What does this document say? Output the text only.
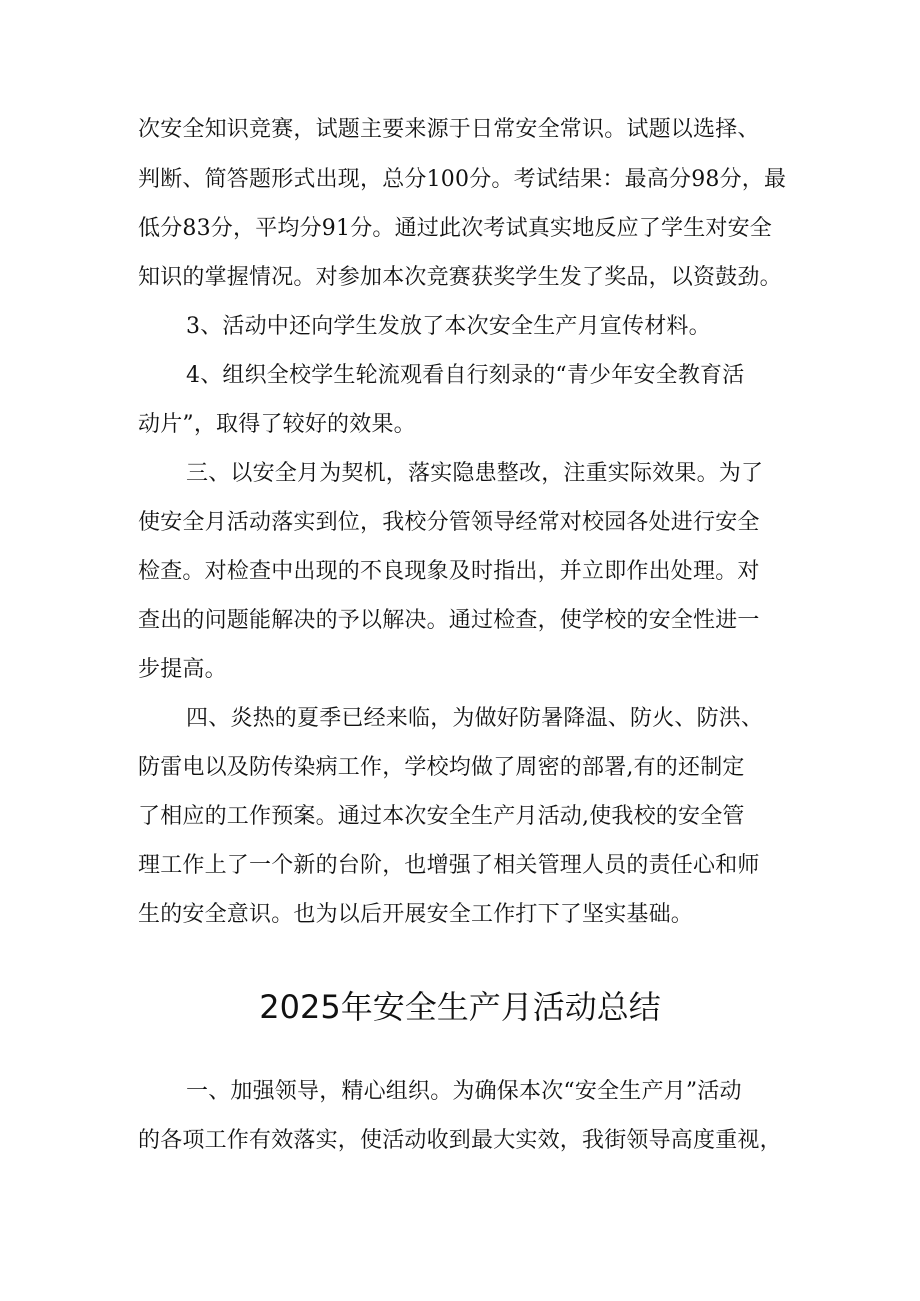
次安全知识竞赛，试题主要来源于日常安全常识。试题以选择、
判断、简答题形式出现，总分100分。考试结果：最高分98分，最
低分83分，平均分91分。通过此次考试真实地反应了学生对安全
知识的掌握情况。对参加本次竞赛获奖学生发了奖品，以资鼓劲。
3、活动中还向学生发放了本次安全生产月宣传材料。
4、组织全校学生轮流观看自行刻录的“青少年安全教育活
动片”，取得了较好的效果。
三、以安全月为契机，落实隐患整改，注重实际效果。为了
使安全月活动落实到位，我校分管领导经常对校园各处进行安全
检查。对检查中出现的不良现象及时指出，并立即作出处理。对
查出的问题能解决的予以解决。通过检查，使学校的安全性进一
步提高。
四、炎热的夏季已经来临，为做好防暑降温、防火、防洪、
防雷电以及防传染病工作，学校均做了周密的部署,有的还制定
了相应的工作预案。通过本次安全生产月活动,使我校的安全管
理工作上了一个新的台阶，也增强了相关管理人员的责任心和师
生的安全意识。也为以后开展安全工作打下了坚实基础。
2025年安全生产月活动总结
一、加强领导，精心组织。为确保本次“安全生产月”活动
的各项工作有效落实，使活动收到最大实效，我街领导高度重视，
